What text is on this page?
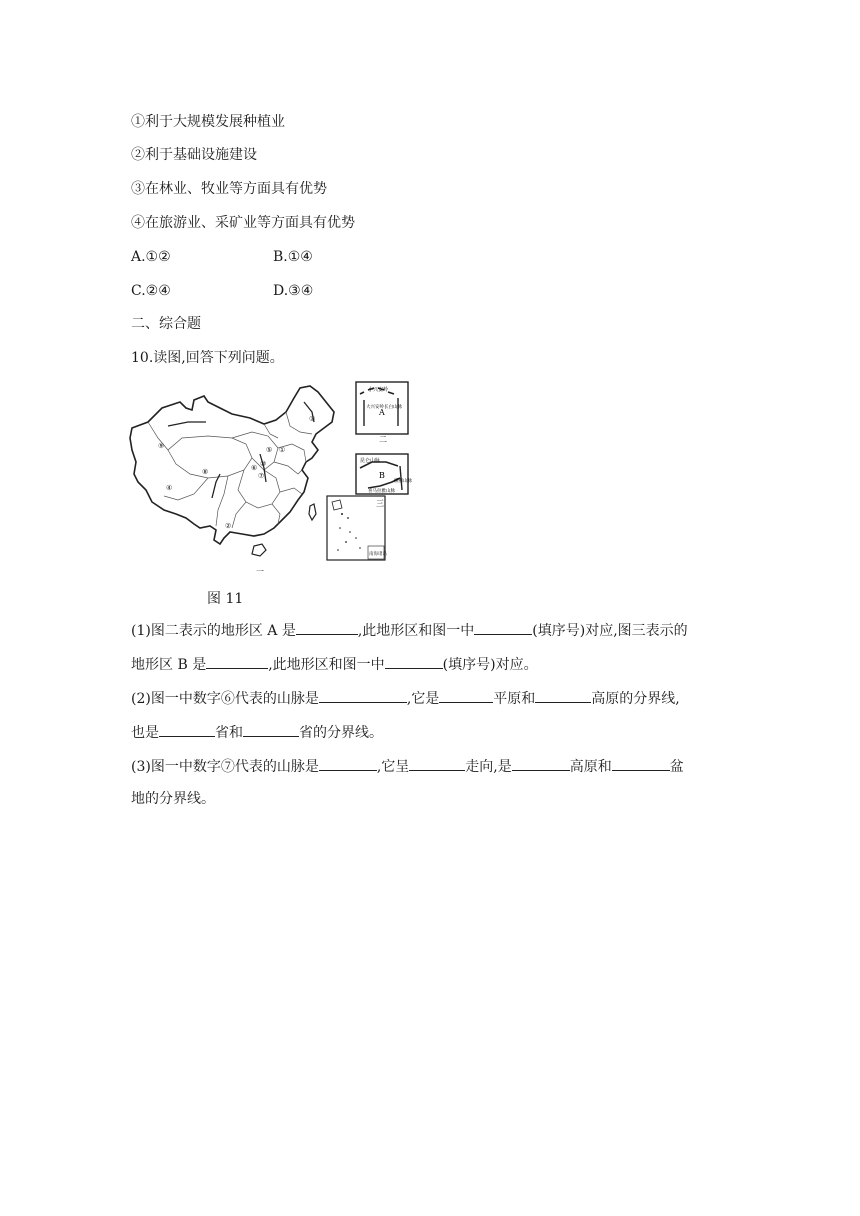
①利于大规模发展种植业
②利于基础设施建设
③在林业、牧业等方面具有优势
④在旅游业、采矿业等方面具有优势
A.①②	B.①④
C.②④	D.③④
二、综合题
10.读图,回答下列问题。
①
②
③
④
⑤
⑥
⑦
⑧
⑨
⑩
南海诸岛
小兴安岭
大兴安岭 长白山脉
A
二
昆仑山脉
横断山脉
喜马拉雅山脉
B
三
一
图 11
(1)图二表示的地形区 A 是	,此地形区和图一中	(填序号)对应,图三表示的
地形区 B 是	,此地形区和图一中	(填序号)对应。
(2)图一中数字⑥代表的山脉是	,它是	平原和	高原的分界线,
也是	省和	省的分界线。
(3)图一中数字⑦代表的山脉是	,它呈	走向,是	高原和	盆
地的分界线。
